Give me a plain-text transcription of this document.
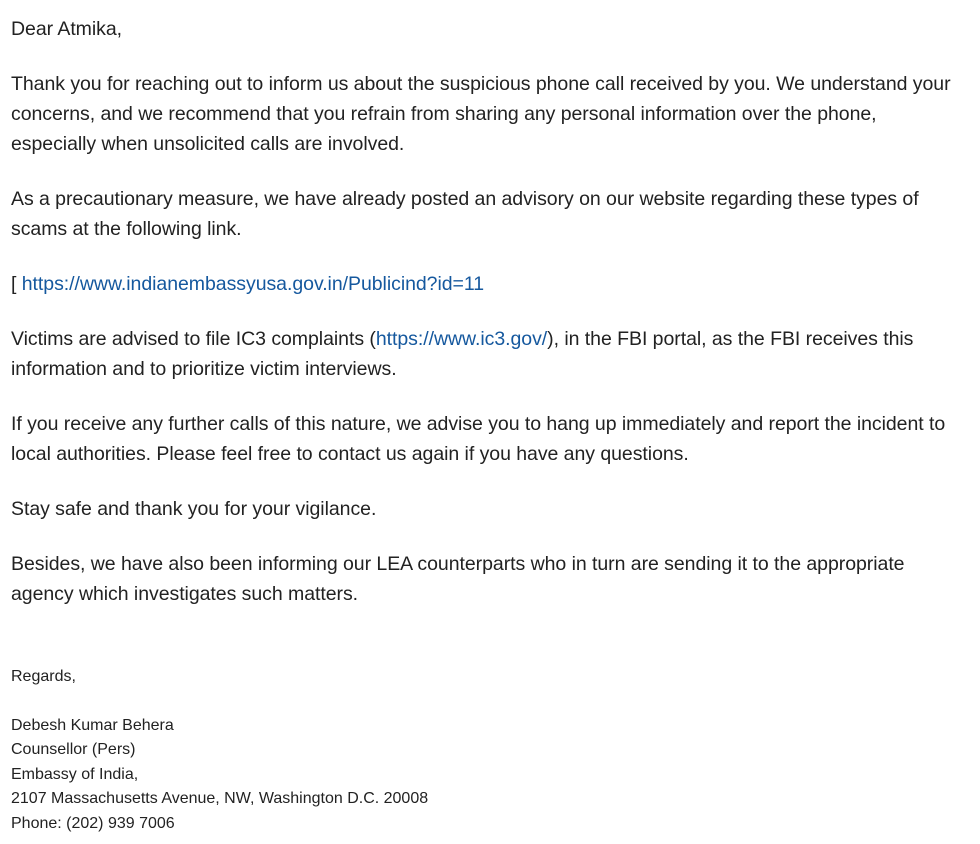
Dear Atmika,
Thank you for reaching out to inform us about the suspicious phone call received by you. We understand your concerns, and we recommend that you refrain from sharing any personal information over the phone, especially when unsolicited calls are involved.
As a precautionary measure, we have already posted an advisory on our website regarding these types of scams at the following link.
[ https://www.indianembassyusa.gov.in/Publicind?id=11
Victims are advised to file IC3 complaints (https://www.ic3.gov/), in the FBI portal, as the FBI receives this information and to prioritize victim interviews.
If you receive any further calls of this nature, we advise you to hang up immediately and report the incident to local authorities. Please feel free to contact us again if you have any questions.
Stay safe and thank you for your vigilance.
Besides, we have also been informing our LEA counterparts who in turn are sending it to the appropriate agency which investigates such matters.
Regards,
Debesh Kumar Behera
Counsellor (Pers)
Embassy of India,
2107 Massachusetts Avenue, NW, Washington D.C. 20008
Phone: (202) 939 7006
